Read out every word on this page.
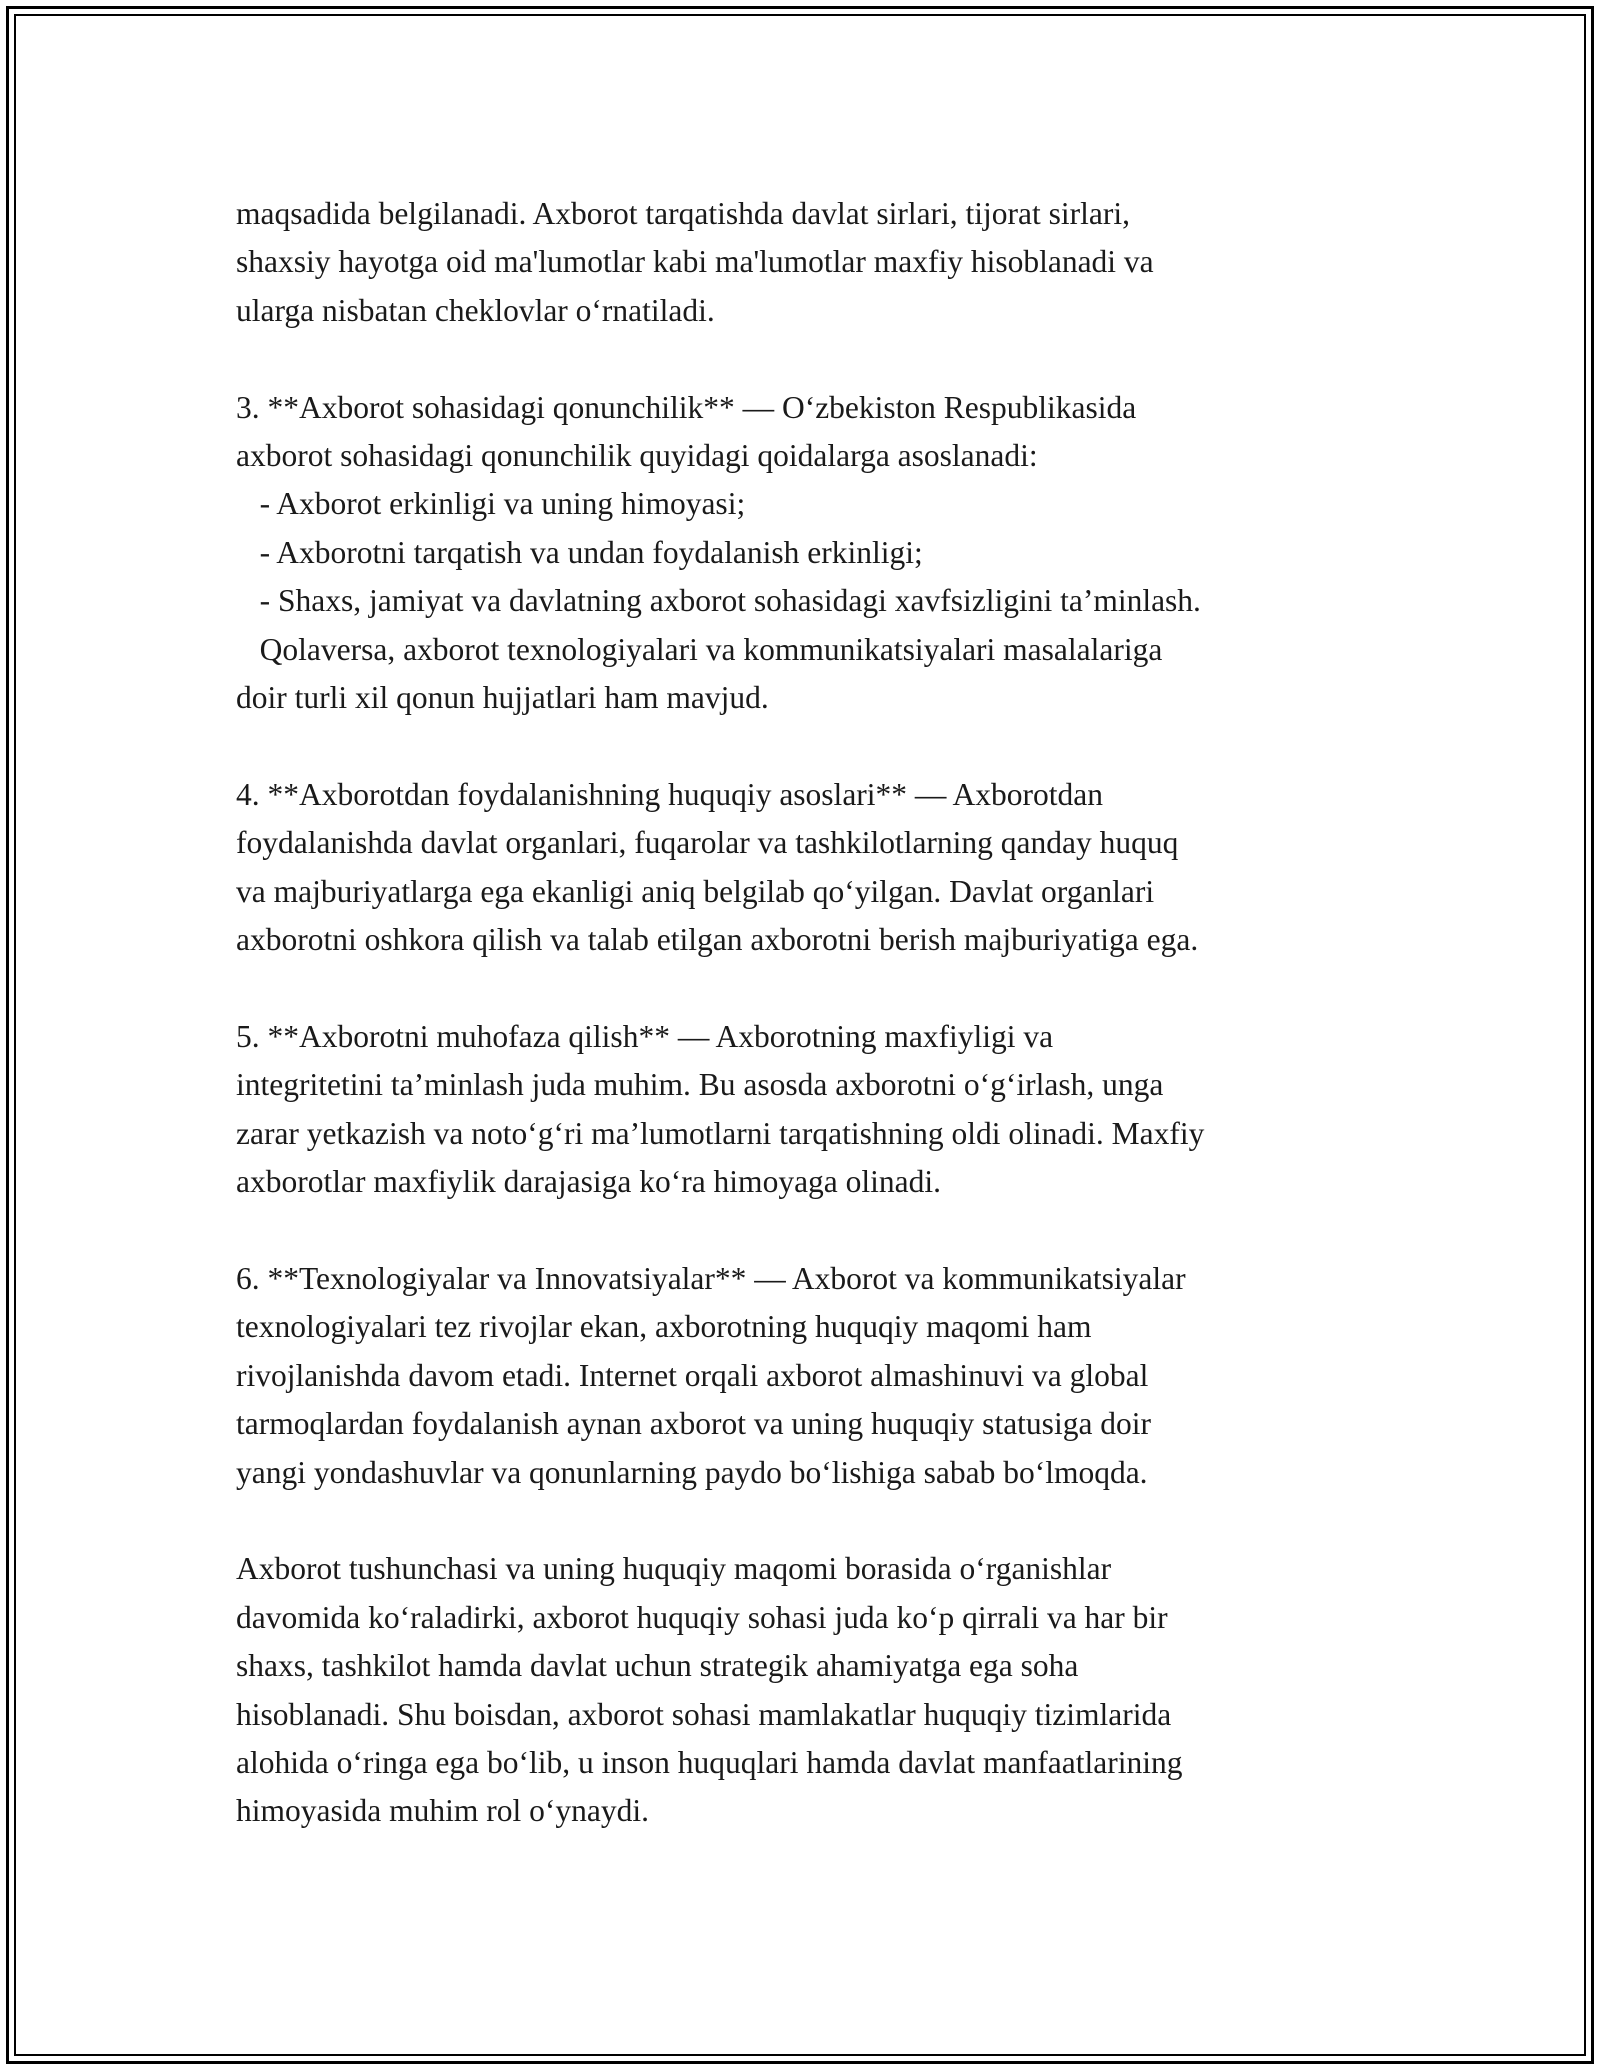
maqsadida belgilanadi. Axborot tarqatishda davlat sirlari, tijorat sirlari,
shaxsiy hayotga oid ma'lumotlar kabi ma'lumotlar maxfiy hisoblanadi va
ularga nisbatan cheklovlar o‘rnatiladi.
3. **Axborot sohasidagi qonunchilik** — O‘zbekiston Respublikasida
axborot sohasidagi qonunchilik quyidagi qoidalarga asoslanadi:
- Axborot erkinligi va uning himoyasi;
- Axborotni tarqatish va undan foydalanish erkinligi;
- Shaxs, jamiyat va davlatning axborot sohasidagi xavfsizligini ta’minlash.
Qolaversa, axborot texnologiyalari va kommunikatsiyalari masalalariga
doir turli xil qonun hujjatlari ham mavjud.
4. **Axborotdan foydalanishning huquqiy asoslari** — Axborotdan
foydalanishda davlat organlari, fuqarolar va tashkilotlarning qanday huquq
va majburiyatlarga ega ekanligi aniq belgilab qo‘yilgan. Davlat organlari
axborotni oshkora qilish va talab etilgan axborotni berish majburiyatiga ega.
5. **Axborotni muhofaza qilish** — Axborotning maxfiyligi va
integritetini ta’minlash juda muhim. Bu asosda axborotni o‘g‘irlash, unga
zarar yetkazish va noto‘g‘ri ma’lumotlarni tarqatishning oldi olinadi. Maxfiy
axborotlar maxfiylik darajasiga ko‘ra himoyaga olinadi.
6. **Texnologiyalar va Innovatsiyalar** — Axborot va kommunikatsiyalar
texnologiyalari tez rivojlar ekan, axborotning huquqiy maqomi ham
rivojlanishda davom etadi. Internet orqali axborot almashinuvi va global
tarmoqlardan foydalanish aynan axborot va uning huquqiy statusiga doir
yangi yondashuvlar va qonunlarning paydo bo‘lishiga sabab bo‘lmoqda.
Axborot tushunchasi va uning huquqiy maqomi borasida o‘rganishlar
davomida ko‘raladirki, axborot huquqiy sohasi juda ko‘p qirrali va har bir
shaxs, tashkilot hamda davlat uchun strategik ahamiyatga ega soha
hisoblanadi. Shu boisdan, axborot sohasi mamlakatlar huquqiy tizimlarida
alohida o‘ringa ega bo‘lib, u inson huquqlari hamda davlat manfaatlarining
himoyasida muhim rol o‘ynaydi.
